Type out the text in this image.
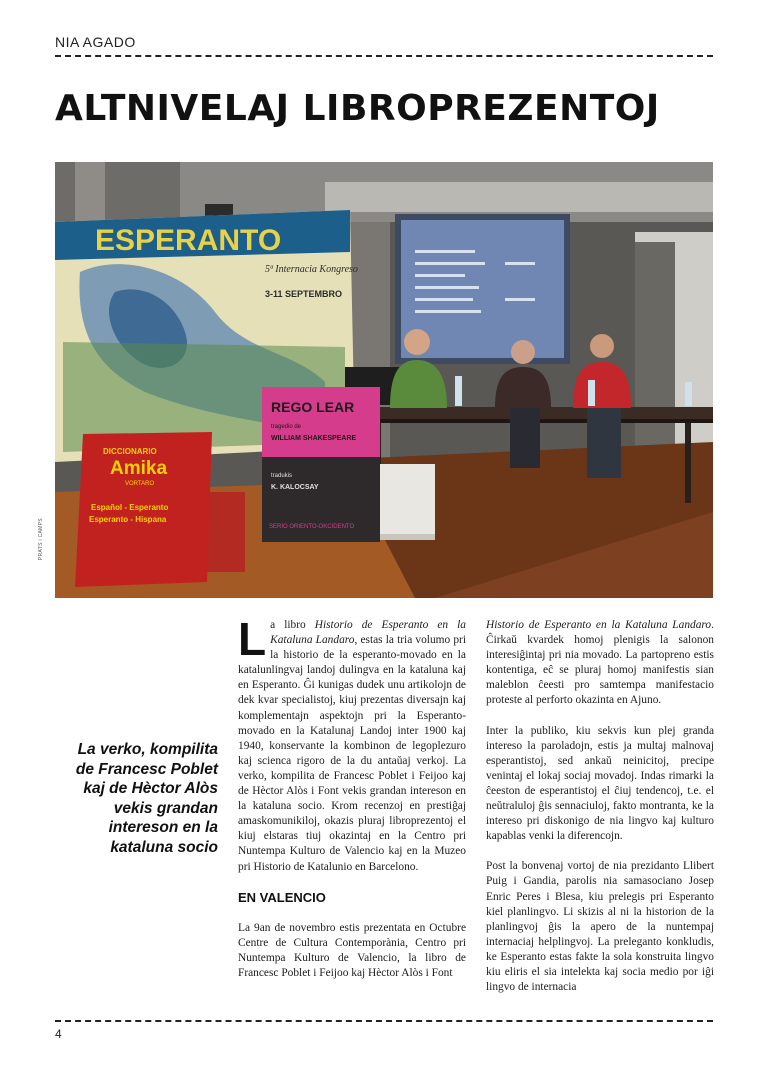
NIA AGADO
ALTNIVELAJ LIBROPREZENTOJ
ESPERANTO
5ª Internacia Kongreso
3-11 SEPTEMBRO
DICCIONARIO
Amika
VORTARO
Español - Esperanto
Esperanto - Hispana
REGO LEAR
tragedio de
WILLIAM SHAKESPEARE
tradukis
K. KALOCSAY
SERIO ORIENTO-OKCIDENTO
PRATS i CAMPS

La verko, kompilita de Francesc Poblet kaj de Hèctor Alòs vekis grandan intereson en la kataluna socio

La libro Historio de Esperanto en la Kataluna Landaro, estas la tria volumo pri la historio de la esperanto-movado en la katalunlingvaj landoj dulingva en la kataluna kaj en Esperanto. Ĝi kunigas dudek unu artikolojn de dek kvar specialistoj, kiuj prezentas diversajn kaj komplementajn aspektojn pri la Esperanto-movado en la Katalunaj Landoj inter 1900 kaj 1940, konservante la kombinon de legoplezuro kaj scienca rigoro de la du antaŭaj verkoj. La verko, kompilita de Francesc Poblet i Feijoo kaj de Hèctor Alòs i Font vekis grandan intereson en la kataluna socio. Krom recenzoj en prestiĝaj amaskomunikiloj, okazis pluraj libroprezentoj el kiuj elstaras tiuj okazintaj en la Centro pri Nuntempa Kulturo de Valencio kaj en la Muzeo pri Historio de Katalunio en Barcelono.

EN VALENCIO

La 9an de novembro estis prezentata en Octubre Centre de Cultura Contemporània, Centro pri Nuntempa Kulturo de Valencio, la libro de Francesc Poblet i Feijoo kaj Hèctor Alòs i Font

Historio de Esperanto en la Kataluna Landaro. Ĉirkaŭ kvardek homoj plenigis la salonon interesiĝintaj pri nia movado. La partopreno estis kontentiga, eĉ se pluraj homoj manifestis sian maleblon ĉeesti pro samtempa manifestacio proteste al perforto okazinta en Ajuno.

Inter la publiko, kiu sekvis kun plej granda intereso la paroladojn, estis ja multaj malnovaj esperantistoj, sed ankaŭ neinicitoj, precipe venintaj el lokaj sociaj movadoj. Indas rimarki la ĉeeston de esperantistoj el ĉiuj tendencoj, t.e. el neŭtraluloj ĝis sennaciuloj, fakto montranta, ke la intereso pri diskonigo de nia lingvo kaj kulturo kapablas venki la diferencojn.

Post la bonvenaj vortoj de nia prezidanto Llibert Puig i Gandia, parolis nia samasociano Josep Enric Peres i Blesa, kiu prelegis pri Esperanto kiel planlingvo. Li skizis al ni la historion de la planlingvoj ĝis la apero de la nuntempaj internaciaj helplingvoj. La preleganto konkludis, ke Esperanto estas fakte la sola konstruita lingvo kiu eliris el sia intelekta kaj socia medio por iĝi lingvo de internacia

4
